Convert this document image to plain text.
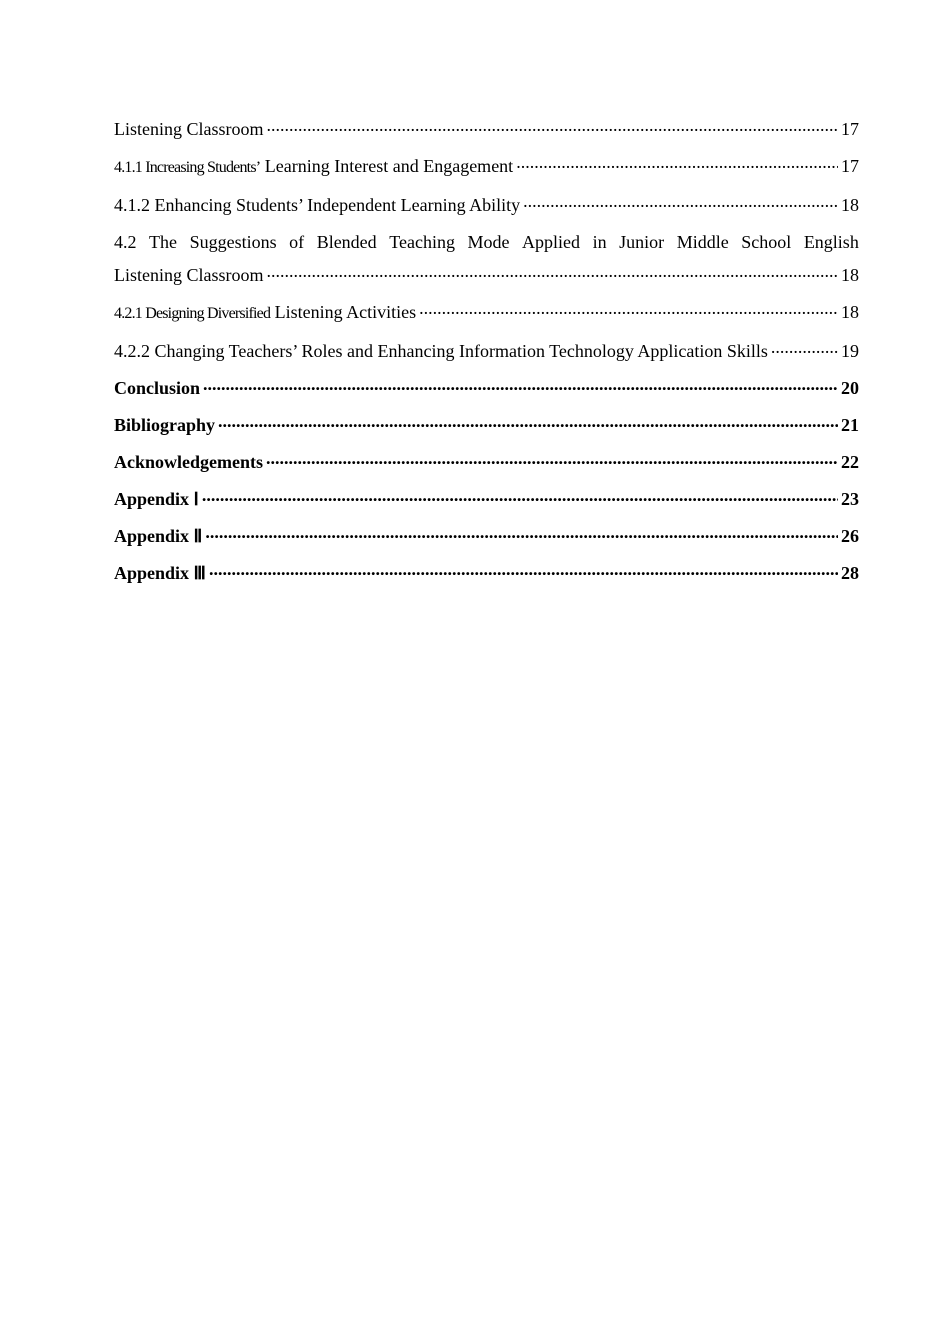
Listening Classroom .....	17
4.1.1 Increasing Students’ Learning Interest and Engagement .....	17
4.1.2 Enhancing Students’ Independent Learning Ability .....	18
4.2 The Suggestions of Blended Teaching Mode Applied in Junior Middle School English
Listening Classroom .....	18
4.2.1 Designing Diversified Listening Activities .....	18
4.2.2 Changing Teachers’ Roles and Enhancing Information Technology Application Skills .....	19
Conclusion .....	20
Bibliography .....	21
Acknowledgements .....	22
Appendix Ⅰ .....	23
Appendix Ⅱ .....	26
Appendix Ⅲ .....	28
